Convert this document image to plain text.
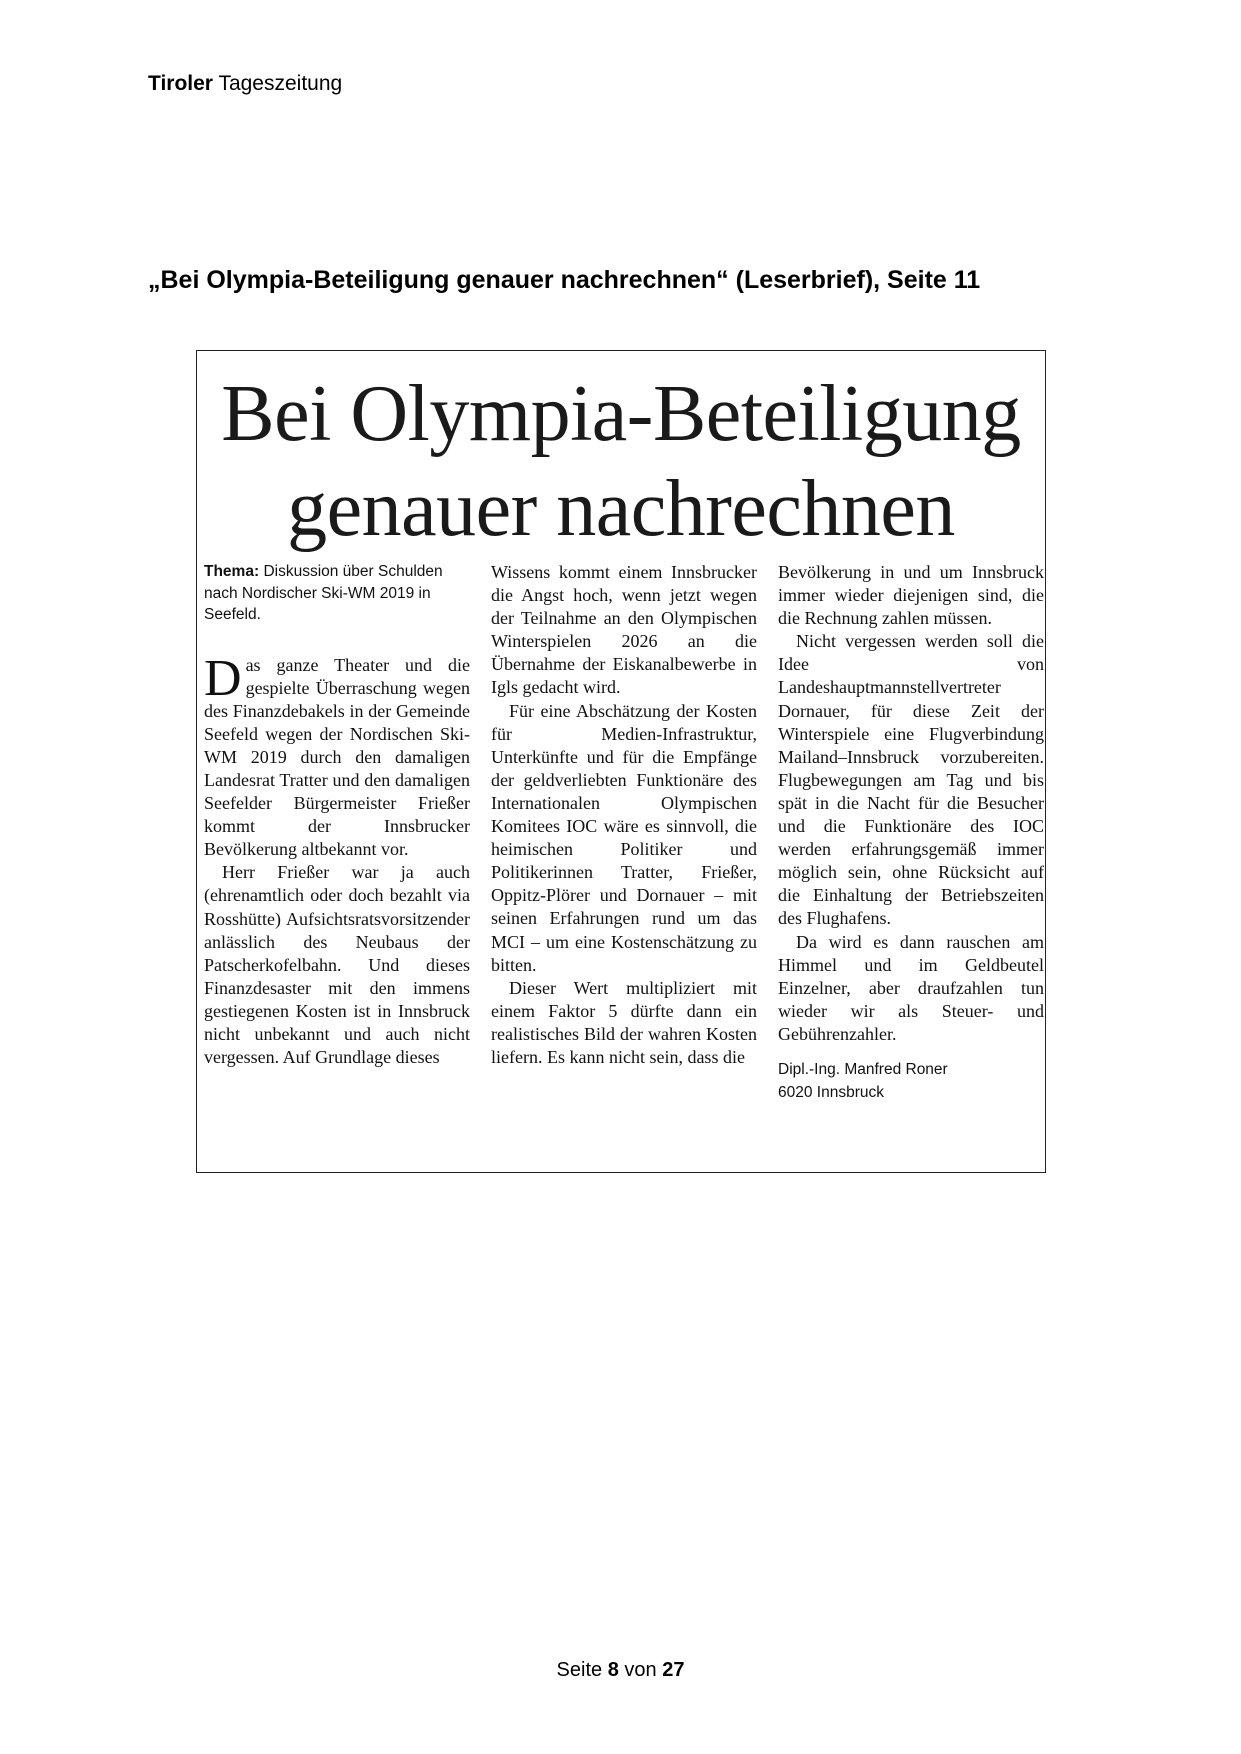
Tiroler Tageszeitung
„Bei Olympia-Beteiligung genauer nachrechnen“ (Leserbrief), Seite 11
Bei Olympia-Beteiligung
genauer nachrechnen
Thema: Diskussion über Schulden nach Nordischer Ski-WM 2019 in Seefeld.

Das ganze Theater und die gespielte Überraschung wegen des Finanzdebakels in der Gemeinde Seefeld wegen der Nordischen Ski-WM 2019 durch den damaligen Landesrat Tratter und den damaligen Seefelder Bürgermeister Frießer kommt der Innsbrucker Bevölkerung altbekannt vor.

Herr Frießer war ja auch (ehrenamtlich oder doch bezahlt via Rosshütte) Aufsichtsratsvorsitzender anlässlich des Neubaus der Patscherkofelbahn. Und dieses Finanzdesaster mit den immens gestiegenen Kosten ist in Innsbruck nicht unbekannt und auch nicht vergessen. Auf Grundlage dieses

Wissens kommt einem Innsbrucker die Angst hoch, wenn jetzt wegen der Teilnahme an den Olympischen Winterspielen 2026 an die Übernahme der Eiskanalbewerbe in Igls gedacht wird.

Für eine Abschätzung der Kosten für Medien-Infrastruktur, Unterkünfte und für die Empfänge der geldverliebten Funktionäre des Internationalen Olympischen Komitees IOC wäre es sinnvoll, die heimischen Politiker und Politikerinnen Tratter, Frießer, Oppitz-Plörer und Dornauer – mit seinen Erfahrungen rund um das MCI – um eine Kostenschätzung zu bitten.

Dieser Wert multipliziert mit einem Faktor 5 dürfte dann ein realistisches Bild der wahren Kosten liefern. Es kann nicht sein, dass die

Bevölkerung in und um Innsbruck immer wieder diejenigen sind, die die Rechnung zahlen müssen.

Nicht vergessen werden soll die Idee von Landeshauptmannstellvertreter Dornauer, für diese Zeit der Winterspiele eine Flugverbindung Mailand–Innsbruck vorzubereiten. Flugbewegungen am Tag und bis spät in die Nacht für die Besucher und die Funktionäre des IOC werden erfahrungsgemäß immer möglich sein, ohne Rücksicht auf die Einhaltung der Betriebszeiten des Flughafens.

Da wird es dann rauschen am Himmel und im Geldbeutel Einzelner, aber draufzahlen tun wieder wir als Steuer- und Gebührenzahler.

Dipl.-Ing. Manfred Roner
6020 Innsbruck
Seite 8 von 27
